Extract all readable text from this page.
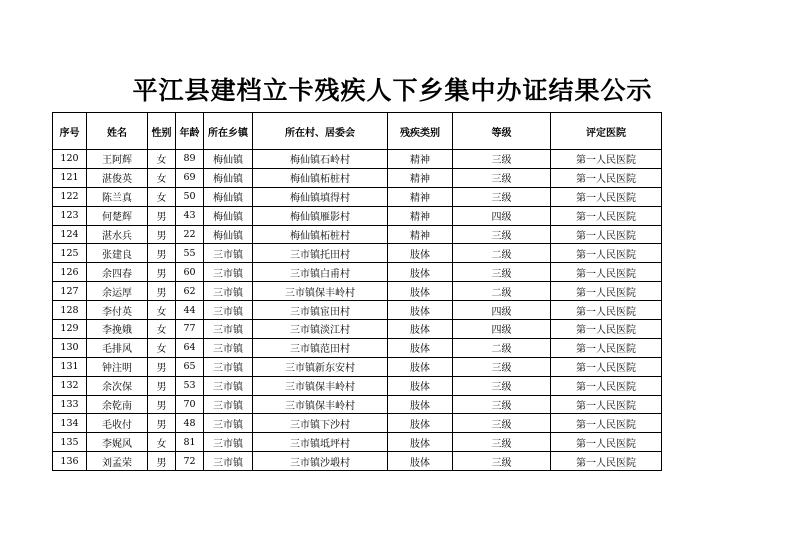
平江县建档立卡残疾人下乡集中办证结果公示
序号	姓名	性别	年龄	所在乡镇	所在村、居委会	残疾类别	等级	评定医院
120	王阿辉	女	89	梅仙镇	梅仙镇石岭村	精神	三级	第一人民医院
121	湛俊英	女	69	梅仙镇	梅仙镇柘桩村	精神	三级	第一人民医院
122	陈兰真	女	50	梅仙镇	梅仙镇填得村	精神	三级	第一人民医院
123	何楚辉	男	43	梅仙镇	梅仙镇雁影村	精神	四级	第一人民医院
124	湛水兵	男	22	梅仙镇	梅仙镇柘桩村	精神	三级	第一人民医院
125	张建良	男	55	三市镇	三市镇托田村	肢体	二级	第一人民医院
126	余四春	男	60	三市镇	三市镇白甫村	肢体	三级	第一人民医院
127	余运厚	男	62	三市镇	三市镇保丰岭村	肢体	二级	第一人民医院
128	李付英	女	44	三市镇	三市镇宦田村	肢体	四级	第一人民医院
129	李挽娥	女	77	三市镇	三市镇淡江村	肢体	四级	第一人民医院
130	毛排风	女	64	三市镇	三市镇范田村	肢体	二级	第一人民医院
131	钟注明	男	65	三市镇	三市镇新东安村	肢体	三级	第一人民医院
132	余次保	男	53	三市镇	三市镇保丰岭村	肢体	三级	第一人民医院
133	余乾南	男	70	三市镇	三市镇保丰岭村	肢体	三级	第一人民医院
134	毛收付	男	48	三市镇	三市镇下沙村	肢体	三级	第一人民医院
135	李娓风	女	81	三市镇	三市镇坻坪村	肢体	三级	第一人民医院
136	刘孟荣	男	72	三市镇	三市镇沙塅村	肢体	三级	第一人民医院
